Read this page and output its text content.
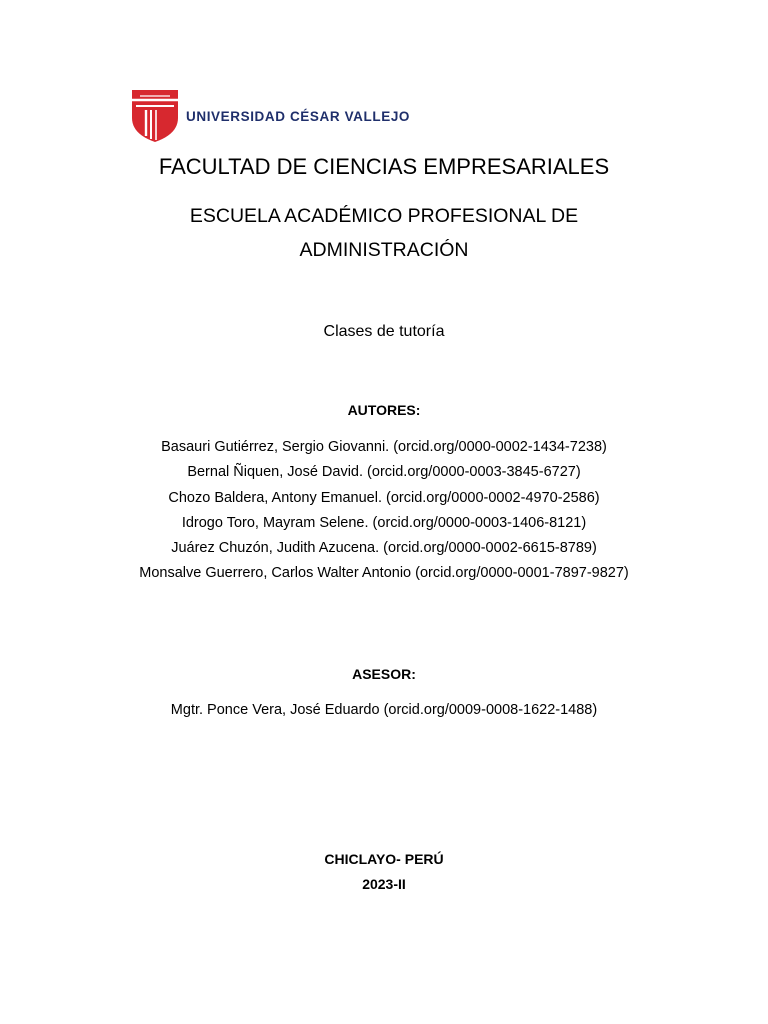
UNIVERSIDAD CÉSAR VALLEJO
FACULTAD DE CIENCIAS EMPRESARIALES
ESCUELA ACADÉMICO PROFESIONAL DE
ADMINISTRACIÓN
Clases de tutoría
AUTORES:
Basauri Gutiérrez, Sergio Giovanni. (orcid.org/0000-0002-1434-7238)
Bernal Ñiquen, José David. (orcid.org/0000-0003-3845-6727)
Chozo Baldera, Antony Emanuel. (orcid.org/0000-0002-4970-2586)
Idrogo Toro, Mayram Selene. (orcid.org/0000-0003-1406-8121)
Juárez Chuzón, Judith Azucena. (orcid.org/0000-0002-6615-8789)
Monsalve Guerrero, Carlos Walter Antonio (orcid.org/0000-0001-7897-9827)
ASESOR:
Mgtr. Ponce Vera, José Eduardo (orcid.org/0009-0008-1622-1488)
CHICLAYO- PERÚ
2023-II
